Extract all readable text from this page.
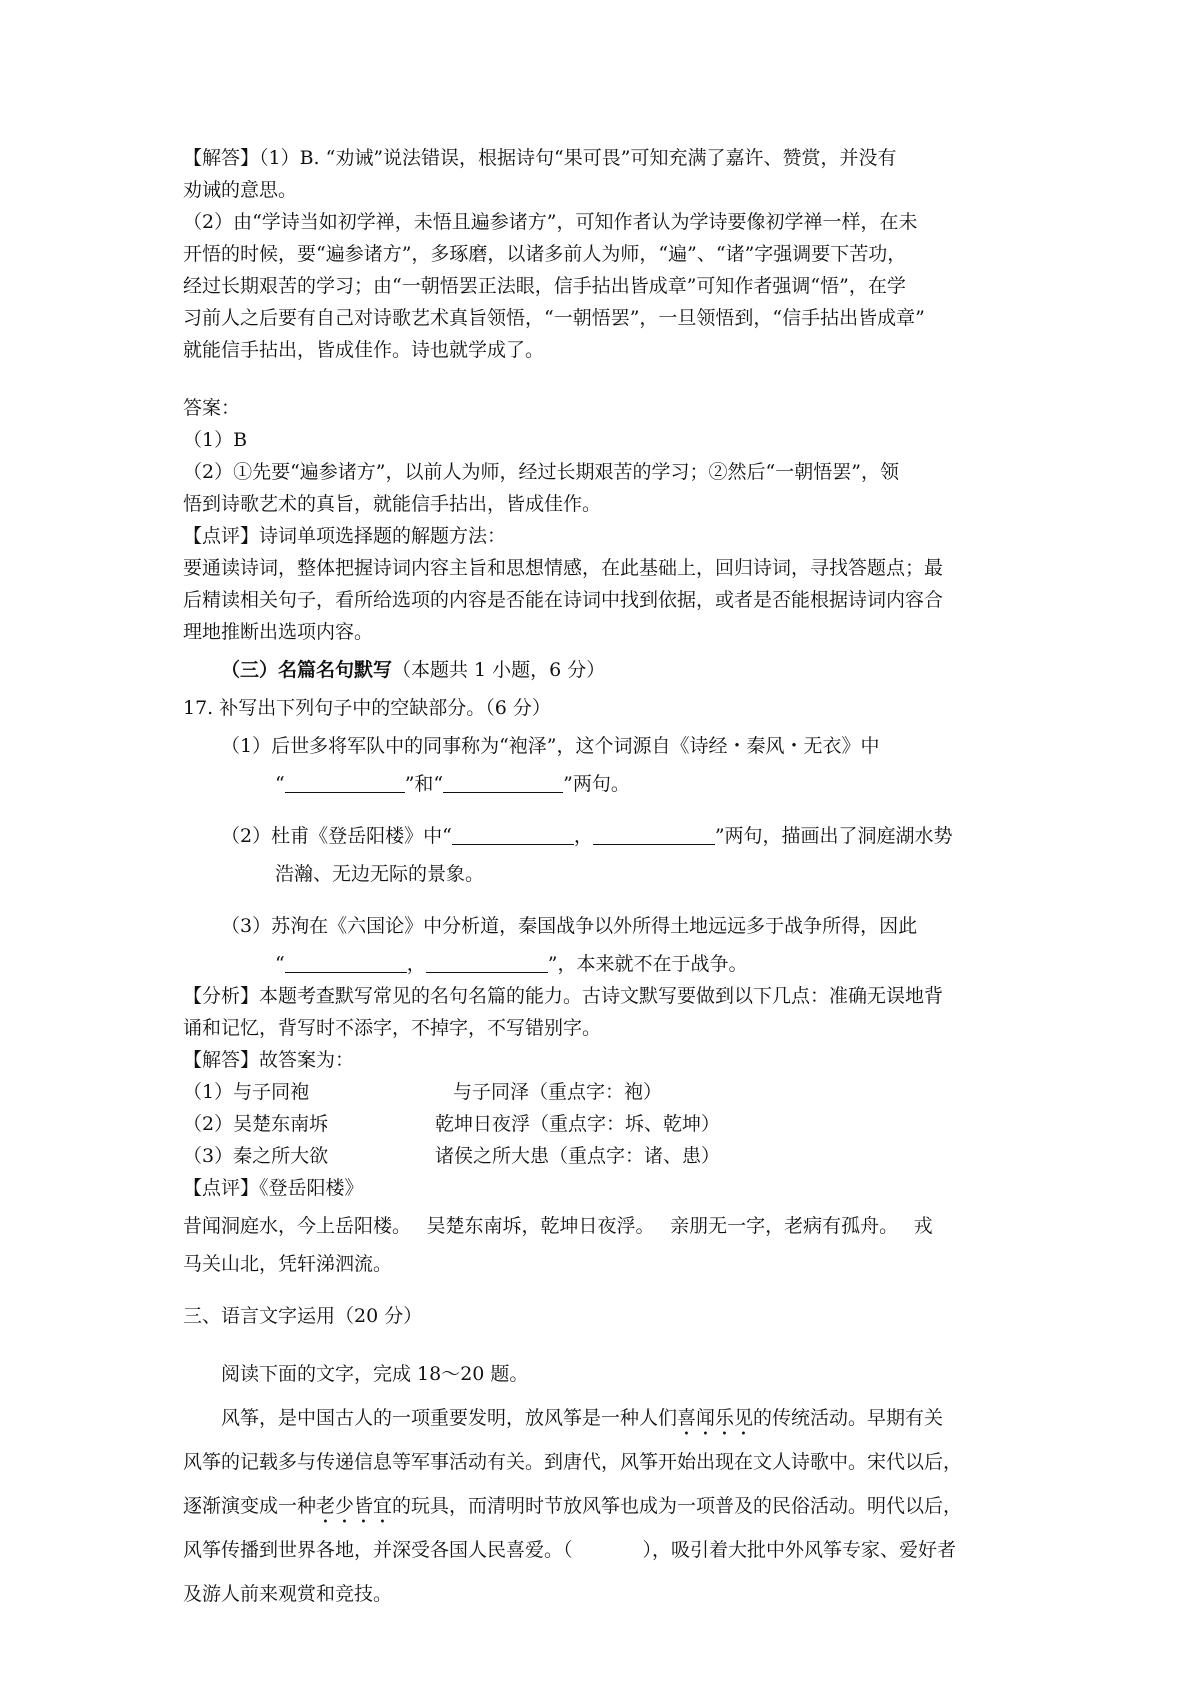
【解答】（1）B. “劝诫”说法错误，根据诗句“果可畏”可知充满了嘉许、赞赏，并没有

劝诫的意思。

（2）由“学诗当如初学禅，未悟且遍参诸方”，可知作者认为学诗要像初学禅一样，在未

开悟的时候，要“遍参诸方”，多琢磨，以诸多前人为师，“遍”、“诸”字强调要下苦功，

经过长期艰苦的学习；由“一朝悟罢正法眼，信手拈出皆成章”可知作者强调“悟”，在学

习前人之后要有自己对诗歌艺术真旨领悟，“一朝悟罢”，一旦领悟到，“信手拈出皆成章”

就能信手拈出，皆成佳作。诗也就学成了。

答案：

（1）B

（2）①先要“遍参诸方”，以前人为师，经过长期艰苦的学习；②然后“一朝悟罢”，领

悟到诗歌艺术的真旨，就能信手拈出，皆成佳作。

【点评】诗词单项选择题的解题方法：

要通读诗词，整体把握诗词内容主旨和思想情感，在此基础上，回归诗词，寻找答题点；最

后精读相关句子，看所给选项的内容是否能在诗词中找到依据，或者是否能根据诗词内容合

理地推断出选项内容。

（三）名篇名句默写（本题共 1 小题，6 分）

17. 补写出下列句子中的空缺部分。（6 分）

（1）后世多将军队中的同事称为“袍泽”，这个词源自《诗经・秦风・无衣》中

“	”和“	”两句。

（2）杜甫《登岳阳楼》中“	，	”两句，描画出了洞庭湖水势

浩瀚、无边无际的景象。

（3）苏洵在《六国论》中分析道，秦国战争以外所得土地远远多于战争所得，因此

“	，	”，本来就不在于战争。

【分析】本题考查默写常见的名句名篇的能力。古诗文默写要做到以下几点：准确无误地背

诵和记忆，背写时不添字，不掉字，不写错别字。

【解答】故答案为：

（1）与子同袍	与子同泽（重点字：袍）
（2）吴楚东南坼	乾坤日夜浮（重点字：坼、乾坤）
（3）秦之所大欲	诸侯之所大患（重点字：诸、患）

【点评】《登岳阳楼》

昔闻洞庭水，今上岳阳楼。　 吴楚东南坼，乾坤日夜浮。　 亲朋无一字，老病有孤舟。　 戎

马关山北，凭轩涕泗流。

三、语言文字运用（20 分）

阅读下面的文字，完成 18～20 题。

风筝，是中国古人的一项重要发明，放风筝是一种人们喜闻乐见的传统活动。早期有关

风筝的记载多与传递信息等军事活动有关。到唐代，风筝开始出现在文人诗歌中。宋代以后，

逐渐演变成一种老少皆宜的玩具，而清明时节放风筝也成为一项普及的民俗活动。明代以后，

风筝传播到世界各地，并深受各国人民喜爱。（	），吸引着大批中外风筝专家、爱好者

及游人前来观赏和竞技。
